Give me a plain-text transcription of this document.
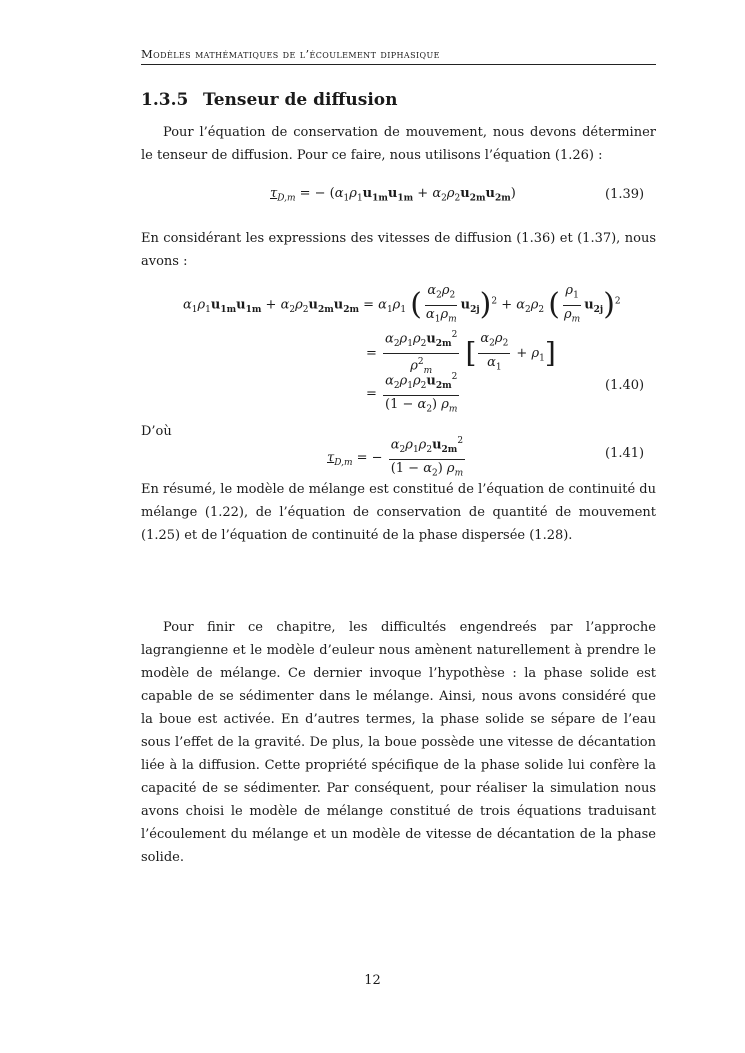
Modèles mathématiques de l’écoulement diphasique
1.3.5 Tenseur de diffusion

Pour l’équation de conservation de mouvement, nous devons déterminer le tenseur de diffusion. Pour ce faire, nous utilisons l’équation (1.26) :

$\tau_{D,m}$ = − $(\alpha_1\rho_1u_{1m}u_{1m} + \alpha_2\rho_2u_{2m}u_{2m})$	(1.39)

En considérant les expressions des vitesses de diffusion (1.36) et (1.37), nous avons :

$\alpha_1\rho_1u_{1m}u_{1m} + \alpha_2\rho_2u_{2m}u_{2m} = \alpha_1\rho_1$ ( $\frac{\alpha_2\rho_2}{\alpha_1\rho_m} u_{2j})^2 + \alpha_2\rho_2$ ( $\frac{\rho_1}{\rho_m} u_{2j})^2$
= $\frac{\alpha_2\rho_1\rho_2u_{2m}^2}{\rho^2_m}$ [ $\frac{\alpha_2\rho_2}{\alpha_1} + \rho_1$]
= $\frac{\alpha_2\rho_1\rho_2u_{2m}^2}{(1 - \alpha_2) \rho_m}$	(1.40)
D’où
$\tau_{D,m}$ = − $\frac{\alpha_2\rho_1\rho_2u_{2m}^2}{(1 - \alpha_2) \rho_m}$	(1.41)

En résumé, le modèle de mélange est constitué de l’équation de continuité du mélange (1.22), de l’équation de conservation de quantité de mouvement (1.25) et de l’équation de continuité de la phase dispersée (1.28).

Pour finir ce chapitre, les difficultés engendreés par l’approche lagrangienne et le modèle d’euleur nous amènent naturellement à prendre le modèle de mélange. Ce dernier invoque l’hypothèse : la phase solide est capable de se sédimenter dans le mélange. Ainsi, nous avons considéré que la boue est activée. En d’autres termes, la phase solide se sépare de l’eau sous l’effet de la gravité. De plus, la boue possède une vitesse de décantation liée à la diffusion. Cette propriété spécifique de la phase solide lui confère la capacité de se sédimenter. Par conséquent, pour réaliser la simulation nous avons choisi le modèle de mélange constitué de trois équations traduisant l’écoulement du mélange et un modèle de vitesse de décantation de la phase solide.

12
